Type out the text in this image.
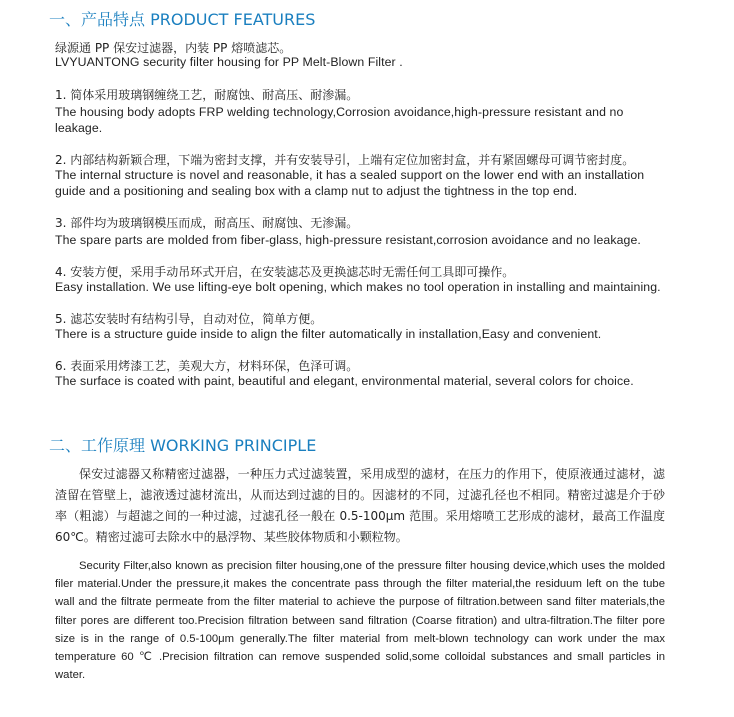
一、产品特点 PRODUCT FEATURES
绿源通 PP 保安过滤器，内装 PP 熔喷滤芯。
LVYUANTONG security filter housing for PP Melt-Blown Filter .
1. 简体采用玻璃钢缠绕工艺，耐腐蚀、耐高压、耐渗漏。
The housing body adopts FRP welding technology,Corrosion avoidance,high-pressure resistant and no
leakage.
2. 内部结构新颖合理，下端为密封支撑，并有安装导引，上端有定位加密封盒，并有紧固螺母可调节密封度。
The internal structure is novel and reasonable, it has a sealed support on the lower end with an installation
guide and a positioning and sealing box with a clamp nut to adjust the tightness in the top end.
3. 部件均为玻璃钢模压而成，耐高压、耐腐蚀、无渗漏。
The spare parts are molded from fiber-glass, high-pressure resistant,corrosion avoidance and no leakage.
4. 安装方便，采用手动吊环式开启，在安装滤芯及更换滤芯时无需任何工具即可操作。
Easy installation. We use lifting-eye bolt opening, which makes no tool operation in installing and maintaining.
5. 滤芯安装时有结构引导，自动对位，简单方便。
There is a structure guide inside to align the filter automatically in installation,Easy and convenient.
6. 表面采用烤漆工艺，美观大方，材料环保，色泽可调。
The surface is coated with paint, beautiful and elegant, environmental material, several colors for choice.
二、工作原理 WORKING PRINCIPLE

保安过滤器又称精密过滤器，一种压力式过滤装置，采用成型的滤材，在压力的作用下，使原液通过滤材，滤渣留在管壁上，滤液透过滤材流出，从而达到过滤的目的。因滤材的不同，过滤孔径也不相同。精密过滤是介于砂率（粗滤）与超滤之间的一种过滤，过滤孔径一般在 0.5-100μm 范围。采用熔喷工艺形成的滤材，最高工作温度 60℃。精密过滤可去除水中的悬浮物、某些胶体物质和小颗粒物。

Security Filter,also known as precision filter housing,one of the pressure filter housing device,which uses the molded filer material.Under the pressure,it makes the concentrate pass through the filter material,the residuum left on the tube wall and the filtrate permeate from the filter material to achieve the purpose of filtration.between sand filter materials,the filter pores are different too.Precision filtration between sand filtration (Coarse fitration) and ultra-filtration.The filter pore size is in the range of 0.5-100μm generally.The filter material from melt-blown technology can work under the max temperature 60 ℃ .Precision filtration can remove suspended solid,some colloidal substances and small particles in water.
